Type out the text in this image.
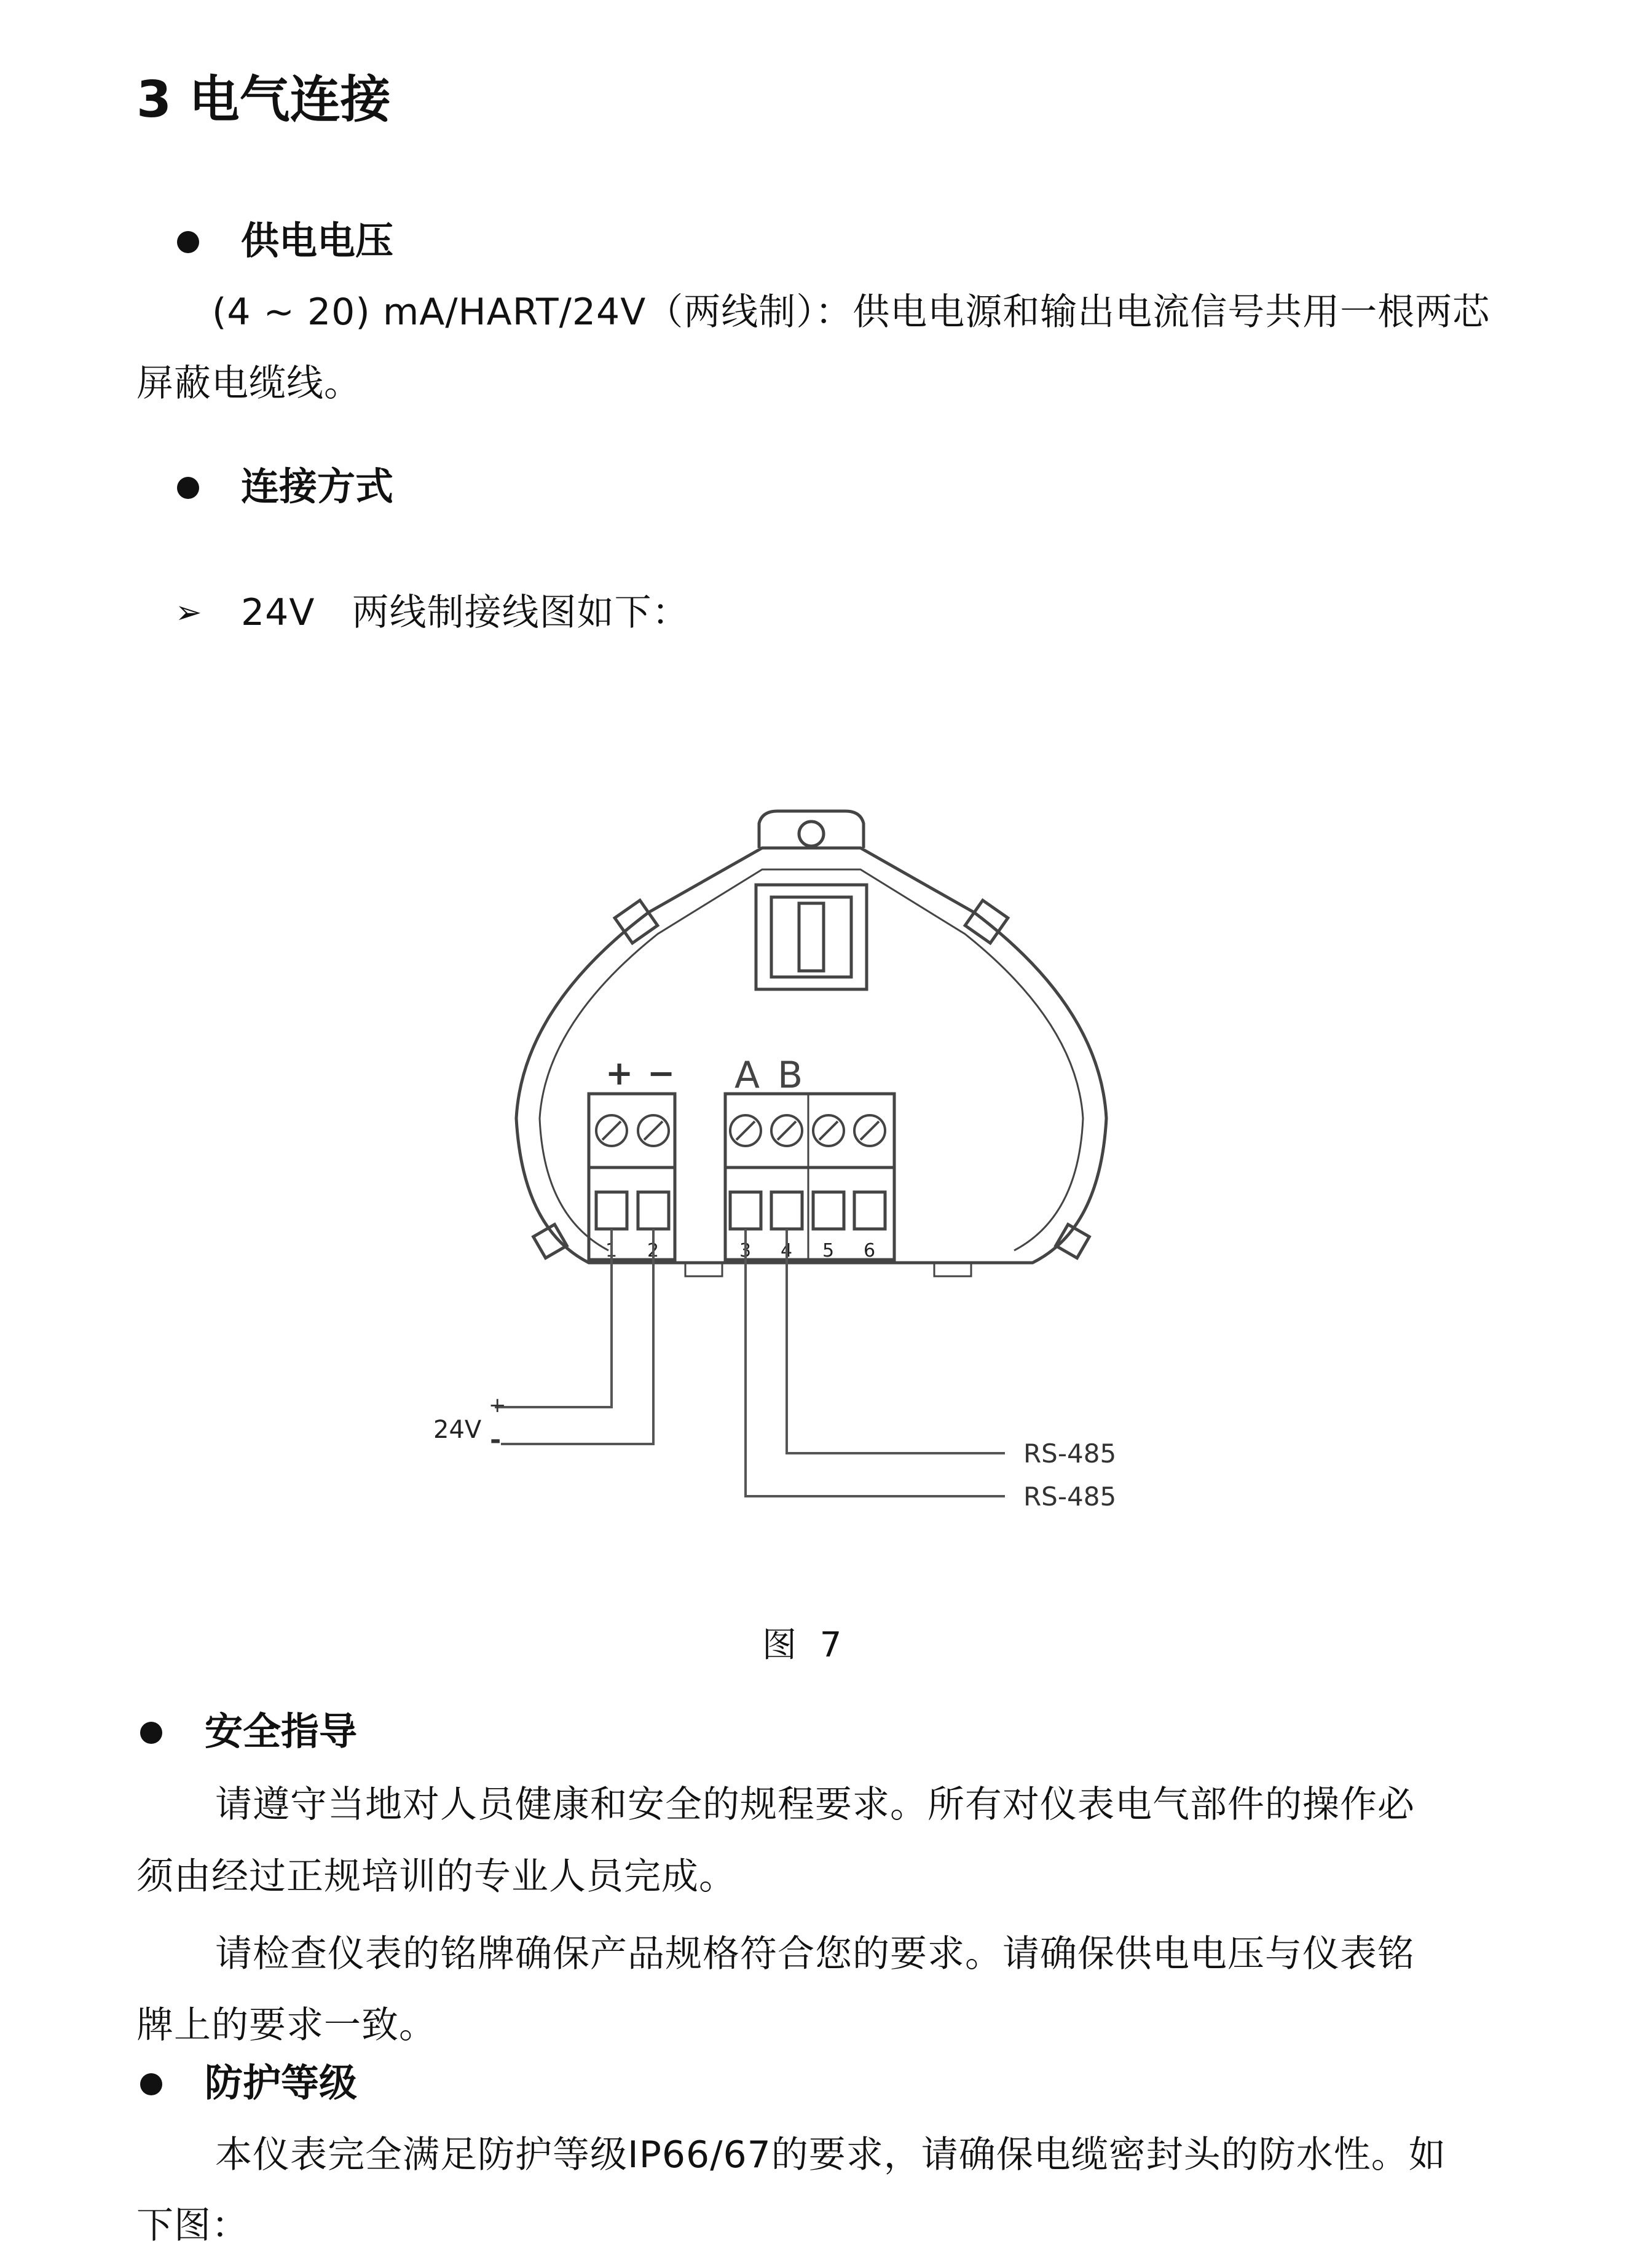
3 电气连接
供电电压
(4 ~ 20) mA/HART/24V（两线制）：供电电源和输出电流信号共用一根两芯
屏蔽电缆线。
连接方式
➢ 24V   两线制接线图如下：
+ − A B
1 2	3 4 5 6
+
24V -	RS-485
RS-485
图 7
安全指导
请遵守当地对人员健康和安全的规程要求。所有对仪表电气部件的操作必
须由经过正规培训的专业人员完成。
请检查仪表的铭牌确保产品规格符合您的要求。请确保供电电压与仪表铭
牌上的要求一致。
防护等级
本仪表完全满足防护等级IP66/67的要求，请确保电缆密封头的防水性。如
下图：
